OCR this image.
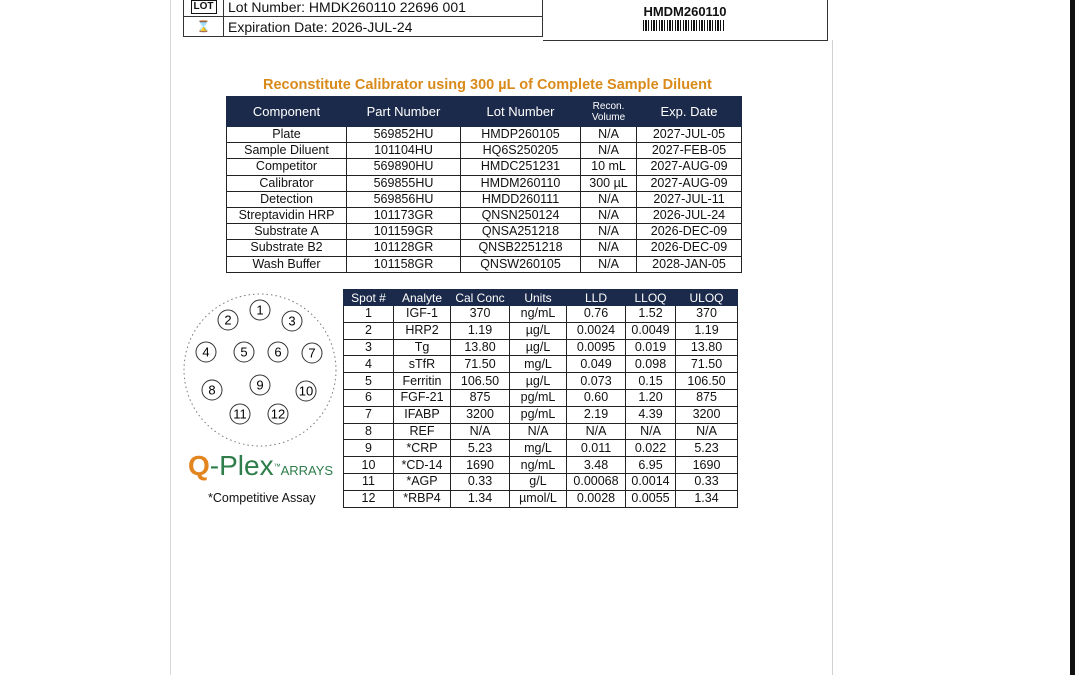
LOT	Lot Number: HMDK260110 22696 001
⌛	Expiration Date: 2026-JUL-24
HMDM260110
Reconstitute Calibrator using 300 µL of Complete Sample Diluent
Component	Part Number	Lot Number	Recon. Volume	Exp. Date
Plate	569852HU	HMDP260105	N/A	2027-JUL-05
Sample Diluent	101104HU	HQ6S250205	N/A	2027-FEB-05
Competitor	569890HU	HMDC251231	10 mL	2027-AUG-09
Calibrator	569855HU	HMDM260110	300 µL	2027-AUG-09
Detection	569856HU	HMDD260111	N/A	2027-JUL-11
Streptavidin HRP	101173GR	QNSN250124	N/A	2026-JUL-24
Substrate A	101159GR	QNSA251218	N/A	2026-DEC-09
Substrate B2	101128GR	QNSB2251218	N/A	2026-DEC-09
Wash Buffer	101158GR	QNSW260105	N/A	2028-JAN-05
1
2	3
4 5 6 7
8	9	10
11 12
Q-Plex™ARRAYS
*Competitive Assay
Spot #	Analyte	Cal Conc	Units	LLD	LLOQ	ULOQ
1	IGF-1	370	ng/mL	0.76	1.52	370
2	HRP2	1.19	µg/L	0.0024	0.0049	1.19
3	Tg	13.80	µg/L	0.0095	0.019	13.80
4	sTfR	71.50	mg/L	0.049	0.098	71.50
5	Ferritin	106.50	µg/L	0.073	0.15	106.50
6	FGF-21	875	pg/mL	0.60	1.20	875
7	IFABP	3200	pg/mL	2.19	4.39	3200
8	REF	N/A	N/A	N/A	N/A	N/A
9	*CRP	5.23	mg/L	0.011	0.022	5.23
10	*CD-14	1690	ng/mL	3.48	6.95	1690
11	*AGP	0.33	g/L	0.00068	0.0014	0.33
12	*RBP4	1.34	µmol/L	0.0028	0.0055	1.34
